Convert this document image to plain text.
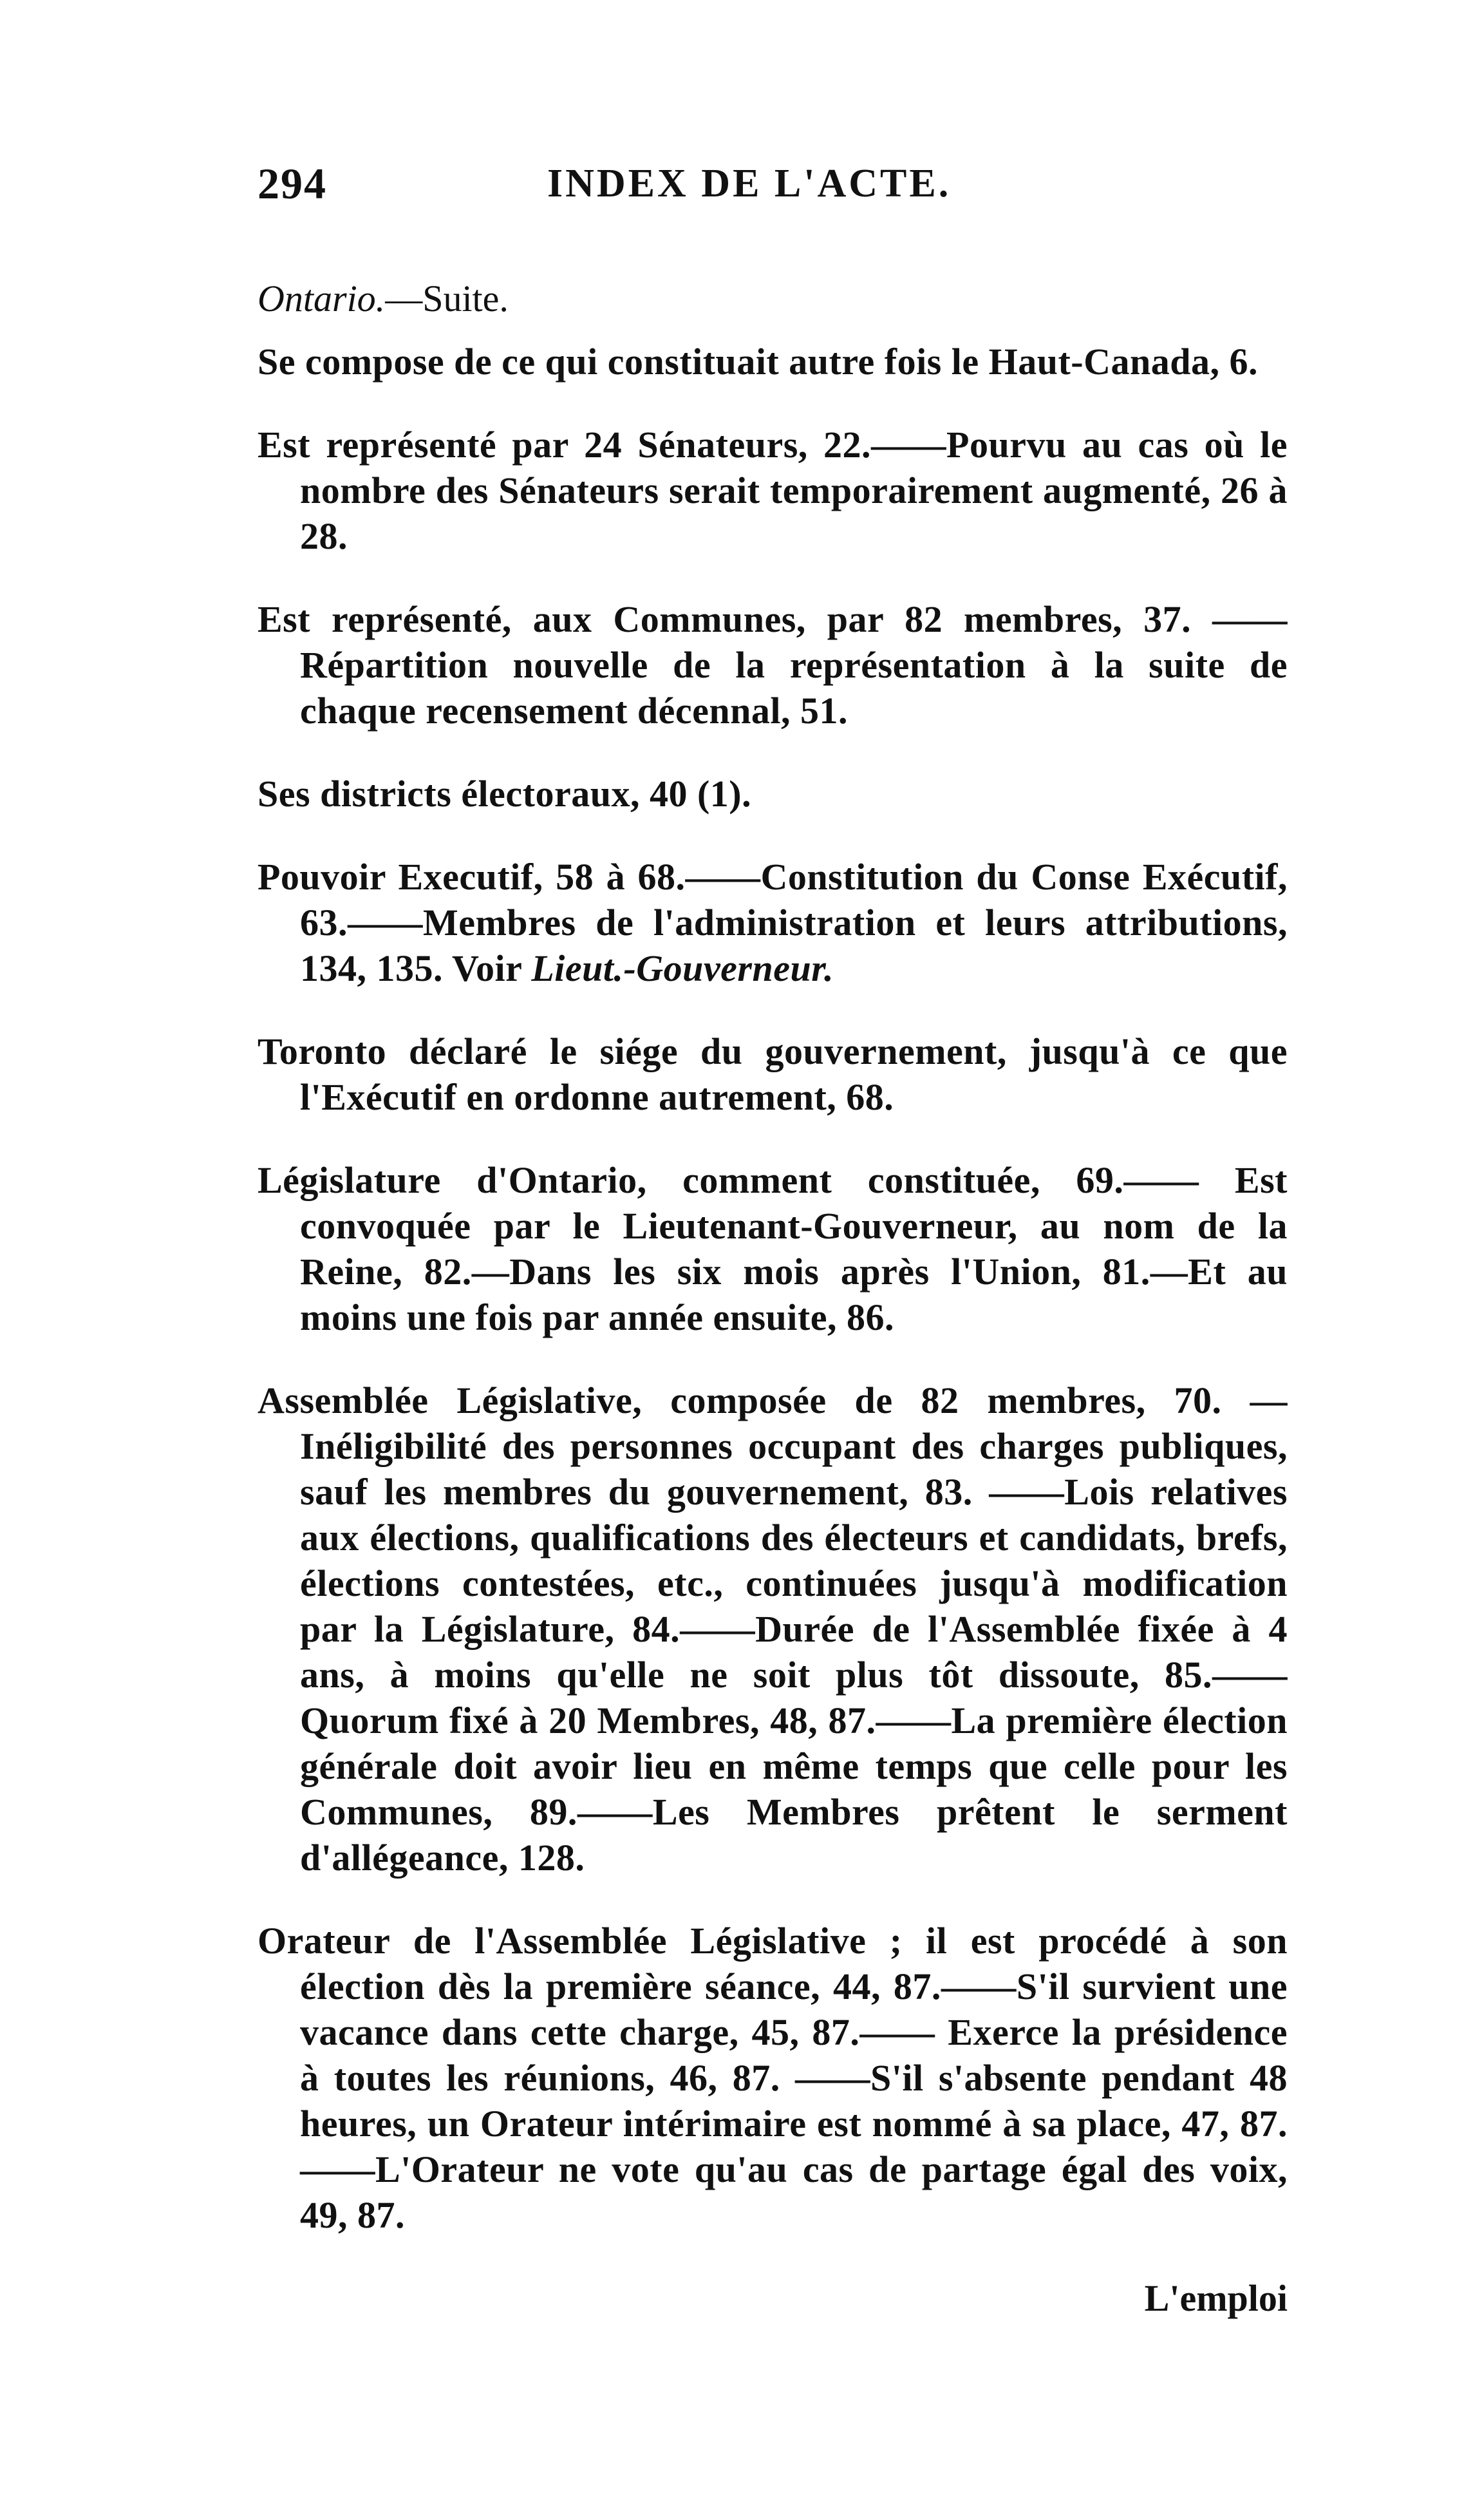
294	INDEX DE L'ACTE.
Ontario.—Suite.

Se compose de ce qui constituait autre fois le Haut-Canada, 6.

Est représenté par 24 Sénateurs, 22.——Pourvu au cas où le nombre des Sénateurs serait temporairement augmenté, 26 à 28.

Est représenté, aux Communes, par 82 membres, 37. ——Répartition nouvelle de la représentation à la suite de chaque recensement décennal, 51.

Ses districts électoraux, 40 (1).

Pouvoir Executif, 58 à 68.——Constitution du Conse Exécutif, 63.——Membres de l'administration et leurs attributions, 134, 135. Voir Lieut.-Gouverneur.

Toronto déclaré le siége du gouvernement, jusqu'à ce que l'Exécutif en ordonne autrement, 68.

Législature d'Ontario, comment constituée, 69.—— Est convoquée par le Lieutenant-Gouverneur, au nom de la Reine, 82.—Dans les six mois après l'Union, 81.—Et au moins une fois par année ensuite, 86.

Assemblée Législative, composée de 82 membres, 70. —Inéligibilité des personnes occupant des charges publiques, sauf les membres du gouvernement, 83. ——Lois relatives aux élections, qualifications des électeurs et candidats, brefs, élections contestées, etc., continuées jusqu'à modification par la Législature, 84.——Durée de l'Assemblée fixée à 4 ans, à moins qu'elle ne soit plus tôt dissoute, 85.—— Quorum fixé à 20 Membres, 48, 87.——La première élection générale doit avoir lieu en même temps que celle pour les Communes, 89.——Les Membres prêtent le serment d'allégeance, 128.

Orateur de l'Assemblée Législative ; il est procédé à son élection dès la première séance, 44, 87.——S'il survient une vacance dans cette charge, 45, 87.—— Exerce la présidence à toutes les réunions, 46, 87. ——S'il s'absente pendant 48 heures, un Orateur intérimaire est nommé à sa place, 47, 87.——L'Orateur ne vote qu'au cas de partage égal des voix, 49, 87.

L'emploi
